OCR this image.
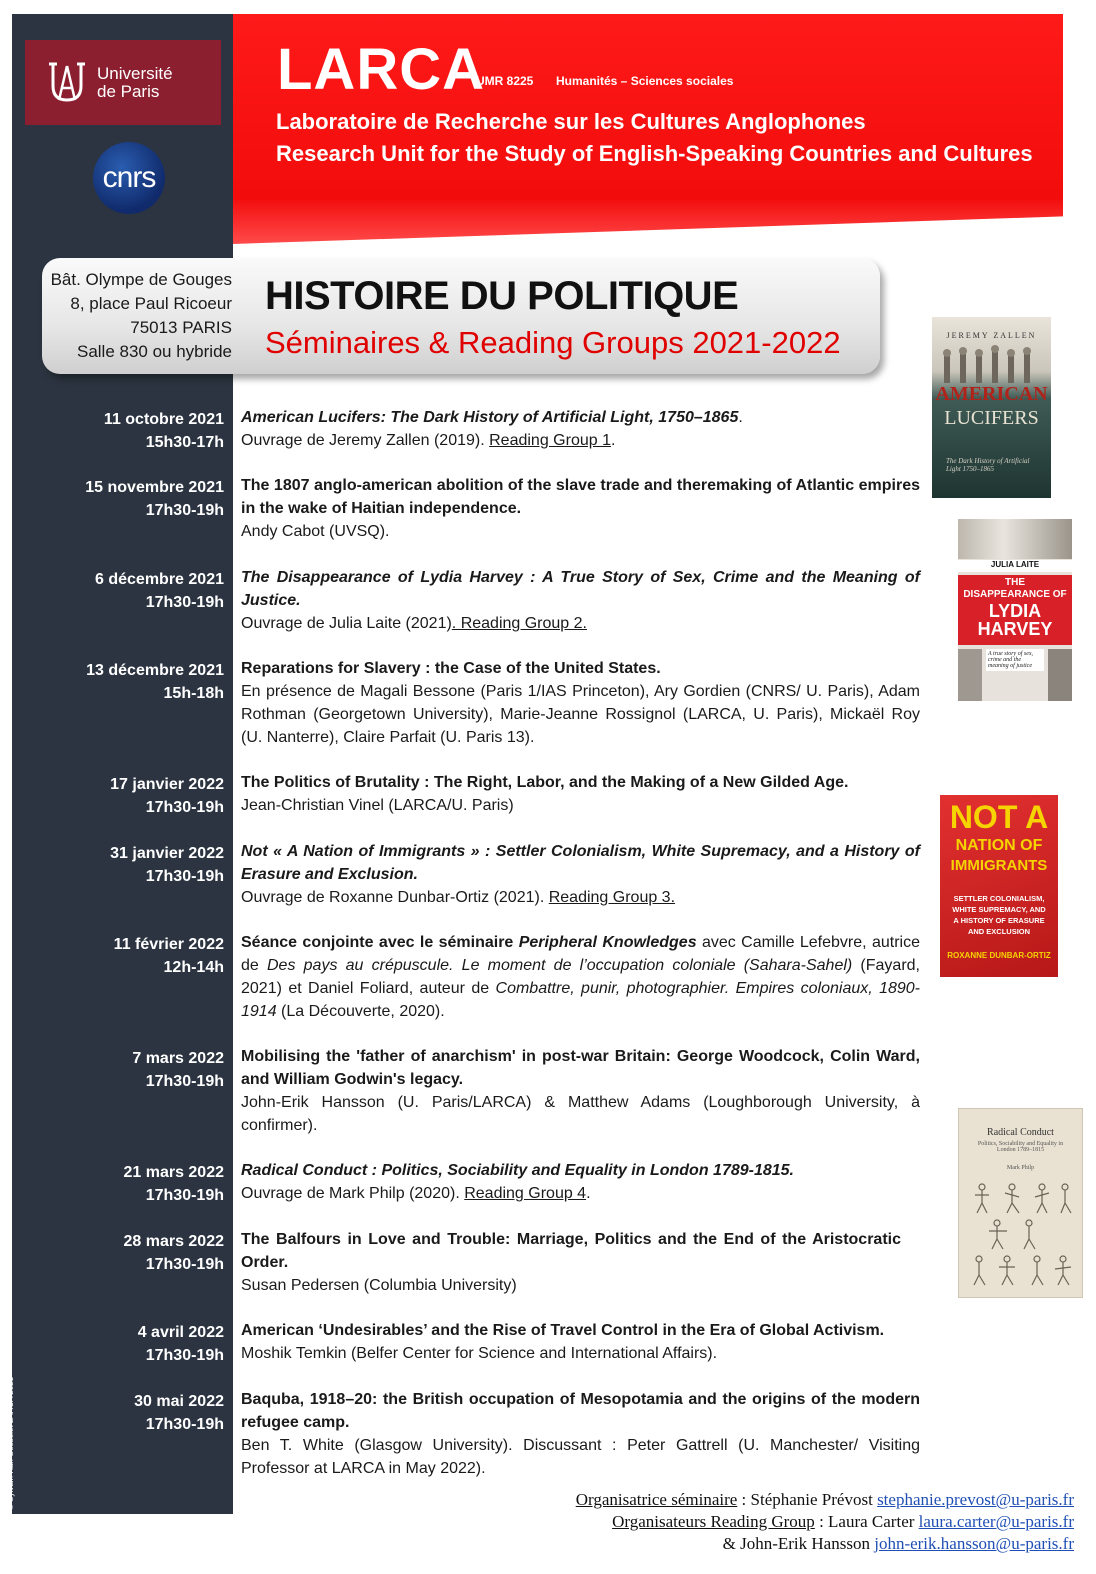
Université
de Paris
cnrs
© Sylvain-Karl Gosselet LARCA 2021
LARCA
UMR 8225 Humanités – Sciences sociales
Laboratoire de Recherche sur les Cultures Anglophones
Research Unit for the Study of English-Speaking Countries and Cultures
Bât. Olympe de Gouges
8, place Paul Ricoeur
75013 PARIS
Salle 830 ou hybride
HISTOIRE DU POLITIQUE
Séminaires & Reading Groups 2021-2022
11 octobre 2021
15h30-17h
American Lucifers: The Dark History of Artificial Light, 1750–1865.
Ouvrage de Jeremy Zallen (2019). Reading Group 1.
15 novembre 2021
17h30-19h
The 1807 anglo-american abolition of the slave trade and theremaking of Atlantic empires in the wake of Haitian independence.
Andy Cabot (UVSQ).
6 décembre 2021
17h30-19h
The Disappearance of Lydia Harvey : A True Story of Sex, Crime and the Meaning of Justice.
Ouvrage de Julia Laite (2021). Reading Group 2.
13 décembre 2021
15h-18h
Reparations for Slavery : the Case of the United States.
En présence de Magali Bessone (Paris 1/IAS Princeton), Ary Gordien (CNRS/ U. Paris), Adam Rothman (Georgetown University), Marie-Jeanne Rossignol (LARCA, U. Paris), Mickaël Roy (U. Nanterre), Claire Parfait (U. Paris 13).
17 janvier 2022
17h30-19h
The Politics of Brutality : The Right, Labor, and the Making of a New Gilded Age.
Jean-Christian Vinel (LARCA/U. Paris)
31 janvier 2022
17h30-19h
Not « A Nation of Immigrants » : Settler Colonialism, White Supremacy, and a History of Erasure and Exclusion.
Ouvrage de Roxanne Dunbar-Ortiz (2021). Reading Group 3.
11 février 2022
12h-14h
Séance conjointe avec le séminaire Peripheral Knowledges avec Camille Lefebvre, autrice de Des pays au crépuscule. Le moment de l’occupation coloniale (Sahara-Sahel) (Fayard, 2021) et Daniel Foliard, auteur de Combattre, punir, photographier. Empires coloniaux, 1890-1914 (La Découverte, 2020).
7 mars 2022
17h30-19h
Mobilising the 'father of anarchism' in post-war Britain: George Woodcock, Colin Ward, and William Godwin's legacy.
John-Erik Hansson (U. Paris/LARCA) & Matthew Adams (Loughborough University, à confirmer).
21 mars 2022
17h30-19h
Radical Conduct : Politics, Sociability and Equality in London 1789-1815.
Ouvrage de Mark Philp (2020). Reading Group 4.
28 mars 2022
17h30-19h
The Balfours in Love and Trouble: Marriage, Politics and the End of the Aristocratic Order.
Susan Pedersen (Columbia University)
4 avril 2022
17h30-19h
American ‘Undesirables’ and the Rise of Travel Control in the Era of Global Activism.
Moshik Temkin (Belfer Center for Science and International Affairs).
30 mai 2022
17h30-19h
Baquba, 1918–20: the British occupation of Mesopotamia and the origins of the modern refugee camp.
Ben T. White (Glasgow University). Discussant : Peter Gattrell (U. Manchester/ Visiting Professor at LARCA in May 2022).
JEREMY ZALLEN
AMERICAN
LUCIFERS
The Dark History of Artificial Light 1750–1865
JULIA LAITE
THE
DISAPPEARANCE OF
LYDIA
HARVEY
A true story of sex, crime and the meaning of justice
NOT A
NATION OF
IMMIGRANTS
SETTLER COLONIALISM, WHITE SUPREMACY, AND A HISTORY OF ERASURE AND EXCLUSION
ROXANNE DUNBAR-ORTIZ
Radical Conduct
Politics, Sociability and Equality in London 1789–1815
Mark Philp
Organisatrice séminaire : Stéphanie Prévost stephanie.prevost@u-paris.fr
Organisateurs Reading Group : Laura Carter laura.carter@u-paris.fr
& John-Erik Hansson john-erik.hansson@u-paris.fr
